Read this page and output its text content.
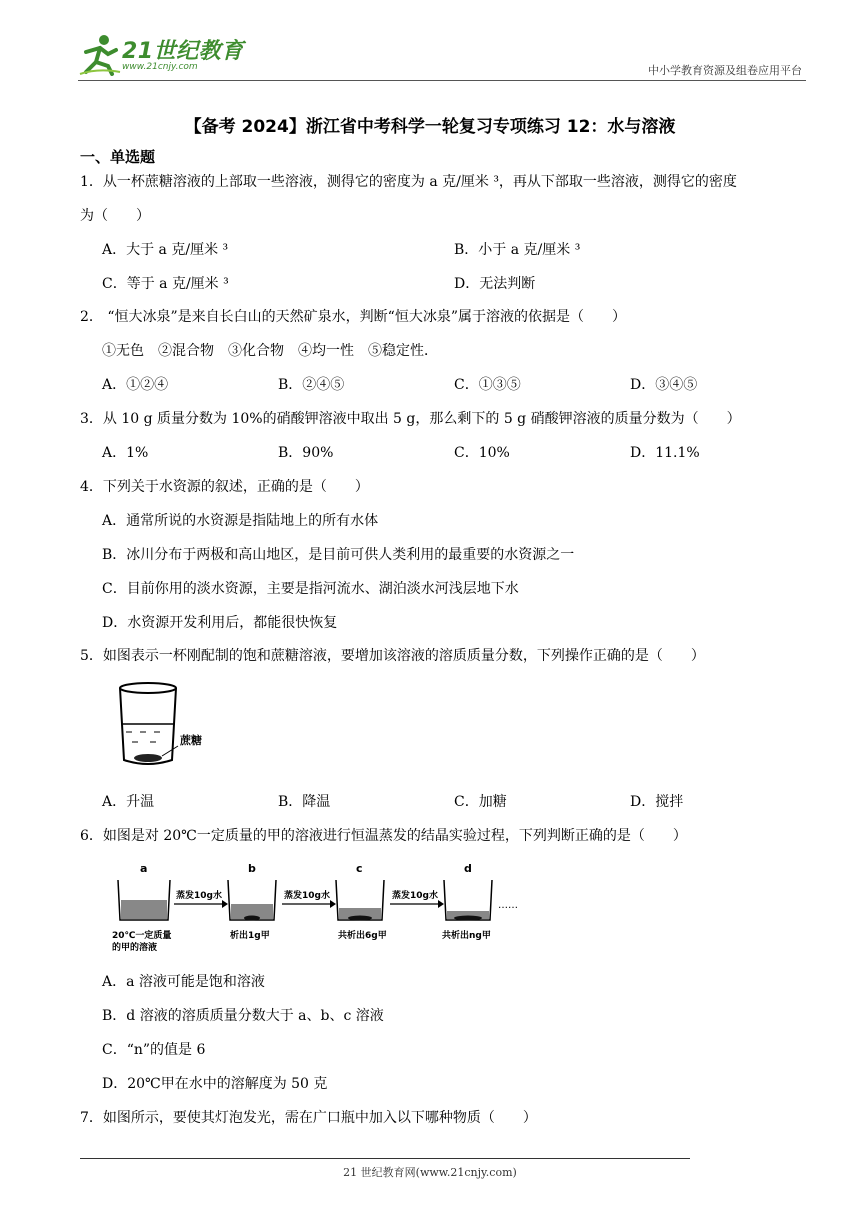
21世纪教育
www.21cnjy.com	中小学教育资源及组卷应用平台
【备考 2024】浙江省中考科学一轮复习专项练习 12：水与溶液
一、单选题
1．从一杯蔗糖溶液的上部取一些溶液，测得它的密度为 a 克/厘米 ³，再从下部取一些溶液，测得它的密度
为（　　）
A．大于 a 克/厘米 ³	B．小于 a 克/厘米 ³
C．等于 a 克/厘米 ³	D．无法判断
2． “恒大冰泉”是来自长白山的天然矿泉水，判断“恒大冰泉”属于溶液的依据是（　　）
①无色　②混合物　③化合物　④均一性　⑤稳定性．
A．①②④	B．②④⑤	C．①③⑤	D．③④⑤
3．从 10 g 质量分数为 10%的硝酸钾溶液中取出 5 g，那么剩下的 5 g 硝酸钾溶液的质量分数为（　　）
A．1%	B．90%	C．10%	D．11.1%
4．下列关于水资源的叙述，正确的是（　　）
A．通常所说的水资源是指陆地上的所有水体
B．冰川分布于两极和高山地区，是目前可供人类利用的最重要的水资源之一
C．目前你用的淡水资源，主要是指河流水、湖泊淡水河浅层地下水
D．水资源开发利用后，都能很快恢复
5．如图表示一杯刚配制的饱和蔗糖溶液，要增加该溶液的溶质质量分数，下列操作正确的是（　　）
蔗糖
A．升温	B．降温	C．加糖	D．搅拌
6．如图是对 20℃一定质量的甲的溶液进行恒温蒸发的结晶实验过程，下列判断正确的是（　　）
a	b	c	d
蒸发10g水	蒸发10g水	蒸发10g水
……
20℃一定质量
的甲的溶液
析出1g甲	共析出6g甲	共析出ng甲
A．a 溶液可能是饱和溶液
B．d 溶液的溶质质量分数大于 a、b、c 溶液
C．“n”的值是 6
D．20℃甲在水中的溶解度为 50 克
7．如图所示，要使其灯泡发光，需在广口瓶中加入以下哪种物质（　　）
21 世纪教育网(www.21cnjy.com)
